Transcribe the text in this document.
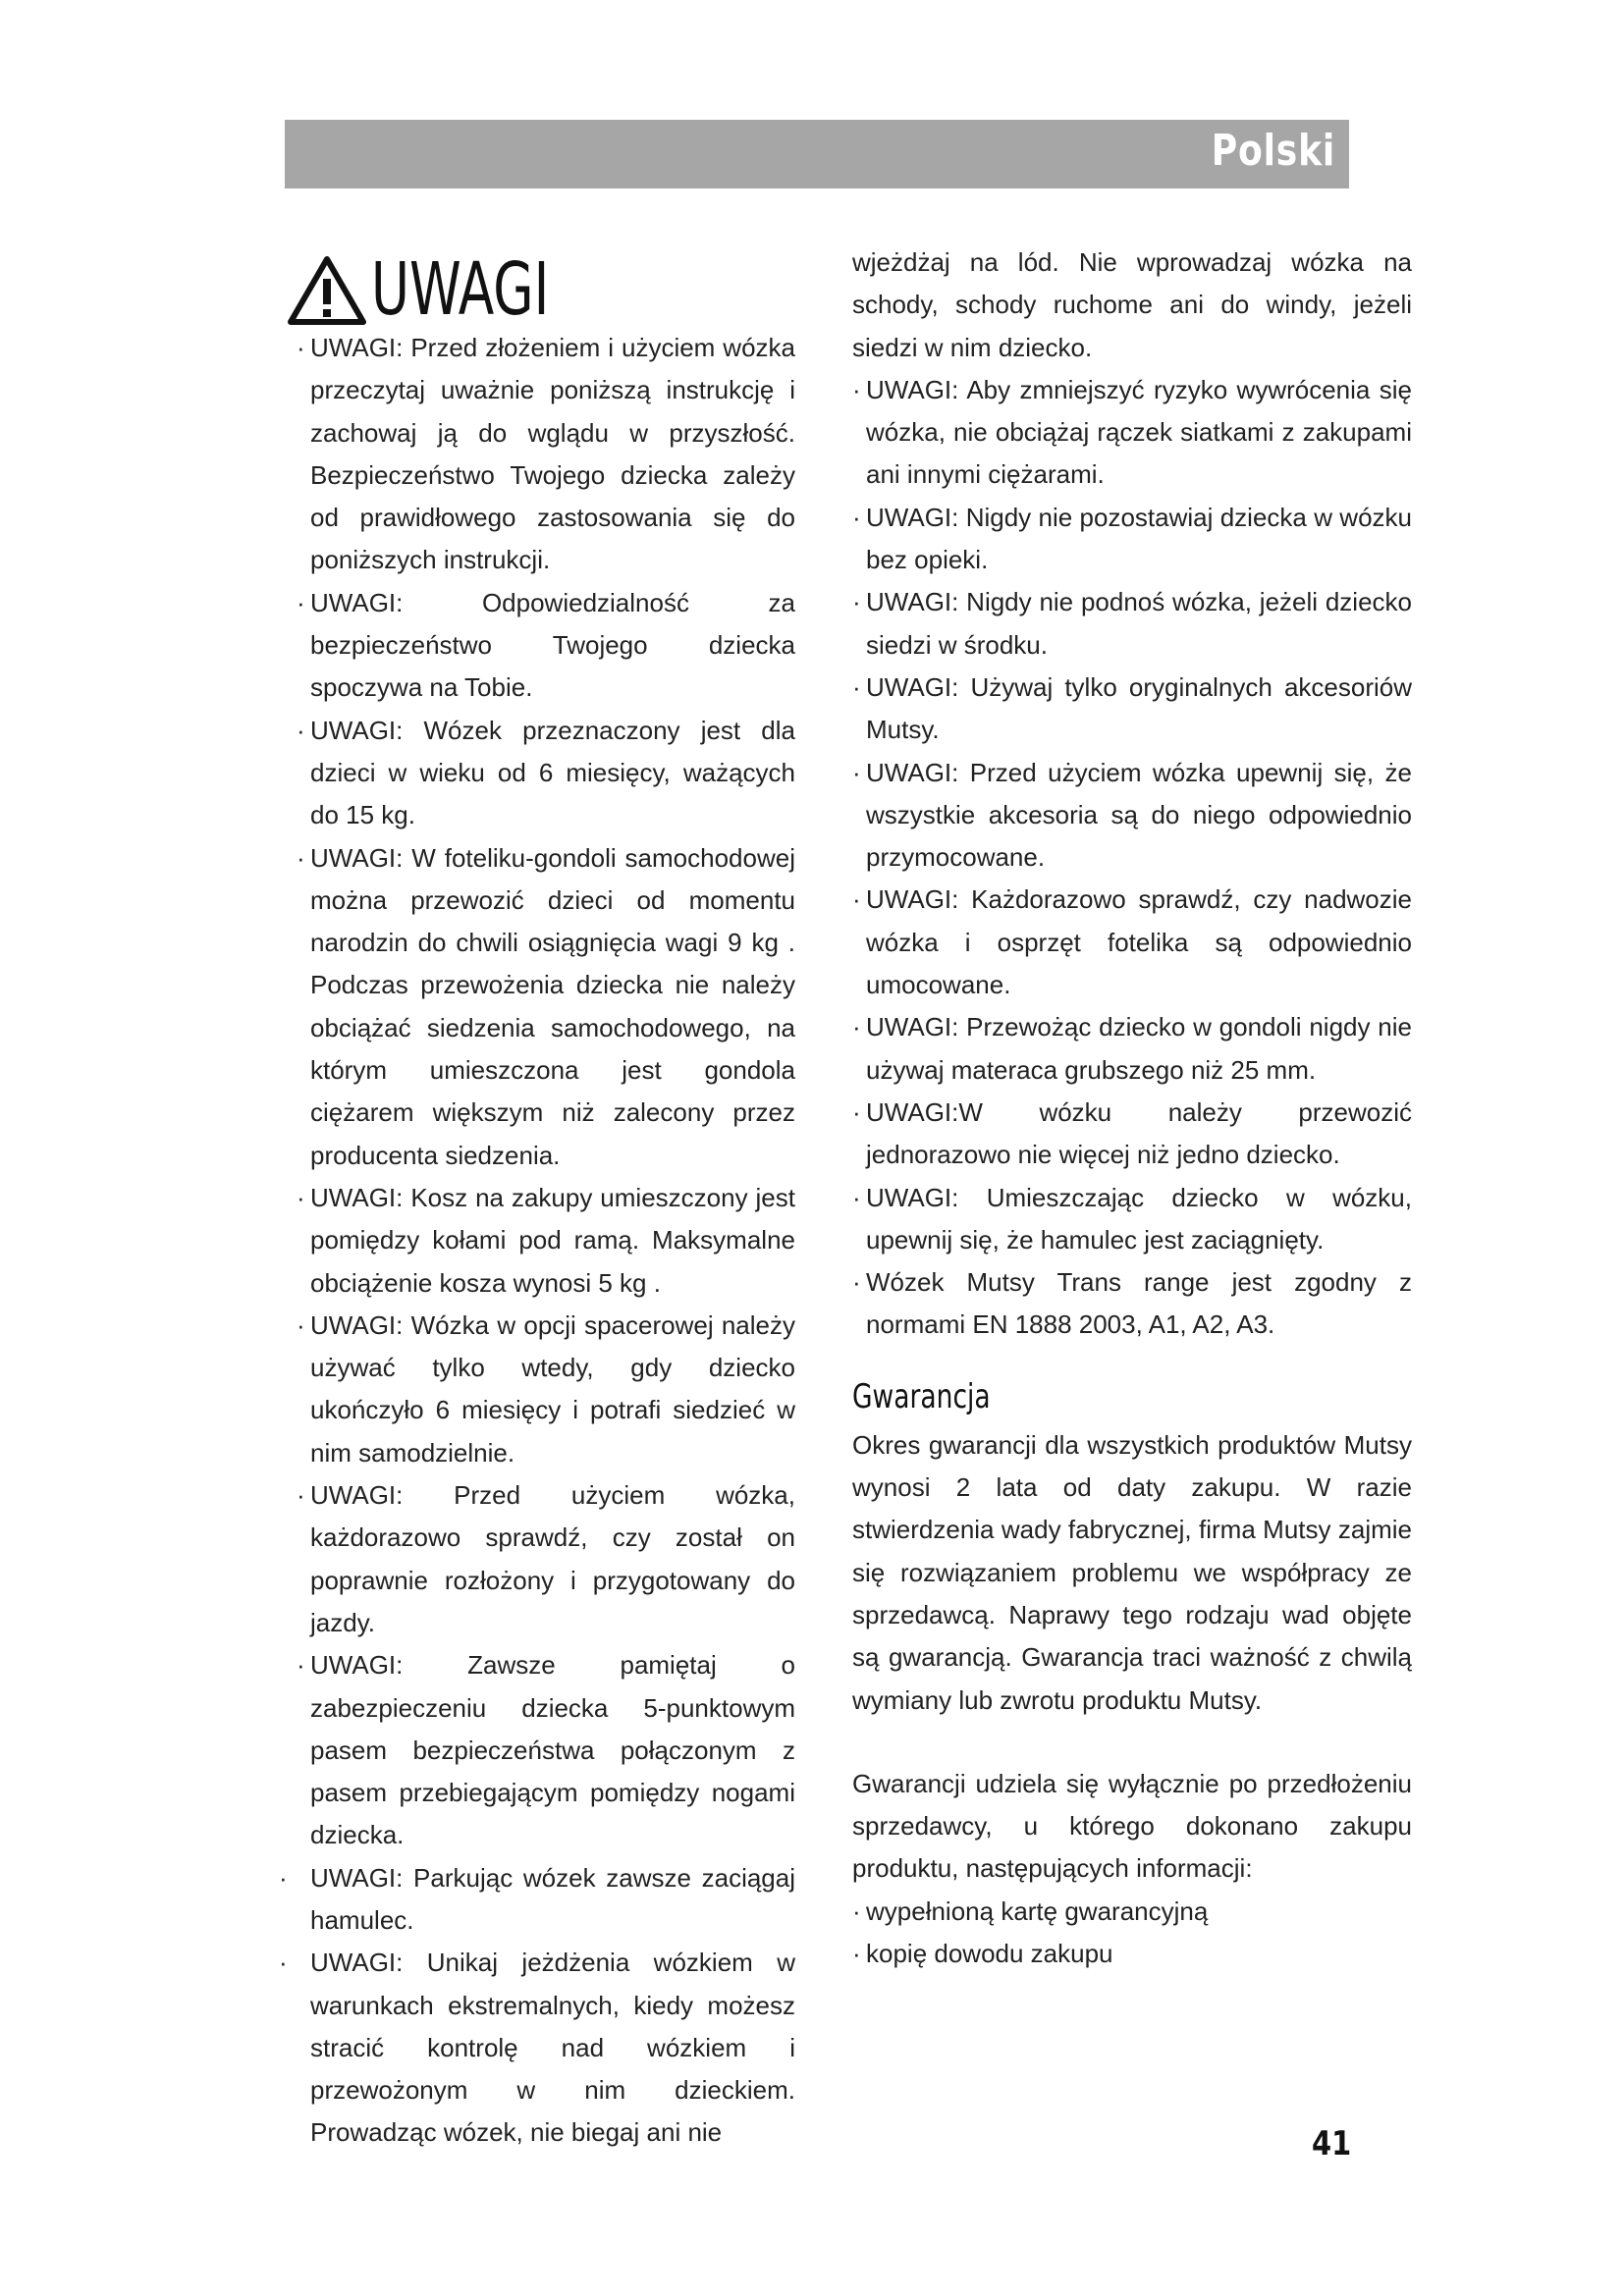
Polski
UWAGI
· UWAGI: Przed złożeniem i użyciem wózka przeczytaj uważnie poniższą instrukcję i zachowaj ją do wglądu w przyszłość. Bezpieczeństwo Twojego dziecka zależy od prawidłowego zastosowania się do poniższych instrukcji.
· UWAGI: Odpowiedzialność za bezpieczeństwo Twojego dziecka spoczywa na Tobie.
· UWAGI: Wózek przeznaczony jest dla dzieci w wieku od 6 miesięcy, ważących do 15 kg.
· UWAGI: W foteliku-gondoli samochodowej można przewozić dzieci od momentu narodzin do chwili osiągnięcia wagi 9 kg . Podczas przewożenia dziecka nie należy obciążać siedzenia samochodowego, na którym umieszczona jest gondola ciężarem większym niż zalecony przez producenta siedzenia.
· UWAGI: Kosz na zakupy umieszczony jest pomiędzy kołami pod ramą. Maksymalne obciążenie kosza wynosi 5 kg .
· UWAGI: Wózka w opcji spacerowej należy używać tylko wtedy, gdy dziecko ukończyło 6 miesięcy i potrafi siedzieć w nim samodzielnie.
· UWAGI: Przed użyciem wózka, każdorazowo sprawdź, czy został on poprawnie rozłożony i przygotowany do jazdy.
· UWAGI: Zawsze pamiętaj o zabezpieczeniu dziecka 5-punktowym pasem bezpieczeństwa połączonym z pasem przebiegającym pomiędzy nogami dziecka.
· UWAGI: Parkując wózek zawsze zaciągaj hamulec.
· UWAGI: Unikaj jeżdżenia wózkiem w warunkach ekstremalnych, kiedy możesz stracić kontrolę nad wózkiem i przewożonym w nim dzieckiem. Prowadząc wózek, nie biegaj ani nie
wjeżdżaj na lód. Nie wprowadzaj wózka na schody, schody ruchome ani do windy, jeżeli siedzi w nim dziecko.
· UWAGI: Aby zmniejszyć ryzyko wywrócenia się wózka, nie obciążaj rączek siatkami z zakupami ani innymi ciężarami.
· UWAGI: Nigdy nie pozostawiaj dziecka w wózku bez opieki.
· UWAGI: Nigdy nie podnoś wózka, jeżeli dziecko siedzi w środku.
· UWAGI: Używaj tylko oryginalnych akcesoriów Mutsy.
· UWAGI: Przed użyciem wózka upewnij się, że wszystkie akcesoria są do niego odpowiednio przymocowane.
· UWAGI: Każdorazowo sprawdź, czy nadwozie wózka i osprzęt fotelika są odpowiednio umocowane.
· UWAGI: Przewożąc dziecko w gondoli nigdy nie używaj materaca grubszego niż 25 mm.
· UWAGI:W wózku należy przewozić jednorazowo nie więcej niż jedno dziecko.
· UWAGI: Umieszczając dziecko w wózku, upewnij się, że hamulec jest zaciągnięty.
· Wózek Mutsy Trans range jest zgodny z normami EN 1888 2003, A1, A2, A3.
Gwarancja
Okres gwarancji dla wszystkich produktów Mutsy wynosi 2 lata od daty zakupu. W razie stwierdzenia wady fabrycznej, firma Mutsy zajmie się rozwiązaniem problemu we współpracy ze sprzedawcą. Naprawy tego rodzaju wad objęte są gwarancją. Gwarancja traci ważność z chwilą wymiany lub zwrotu produktu Mutsy.
Gwarancji udziela się wyłącznie po przedłożeniu sprzedawcy, u którego dokonano zakupu produktu, następujących informacji:
· wypełnioną kartę gwarancyjną
· kopię dowodu zakupu
41
